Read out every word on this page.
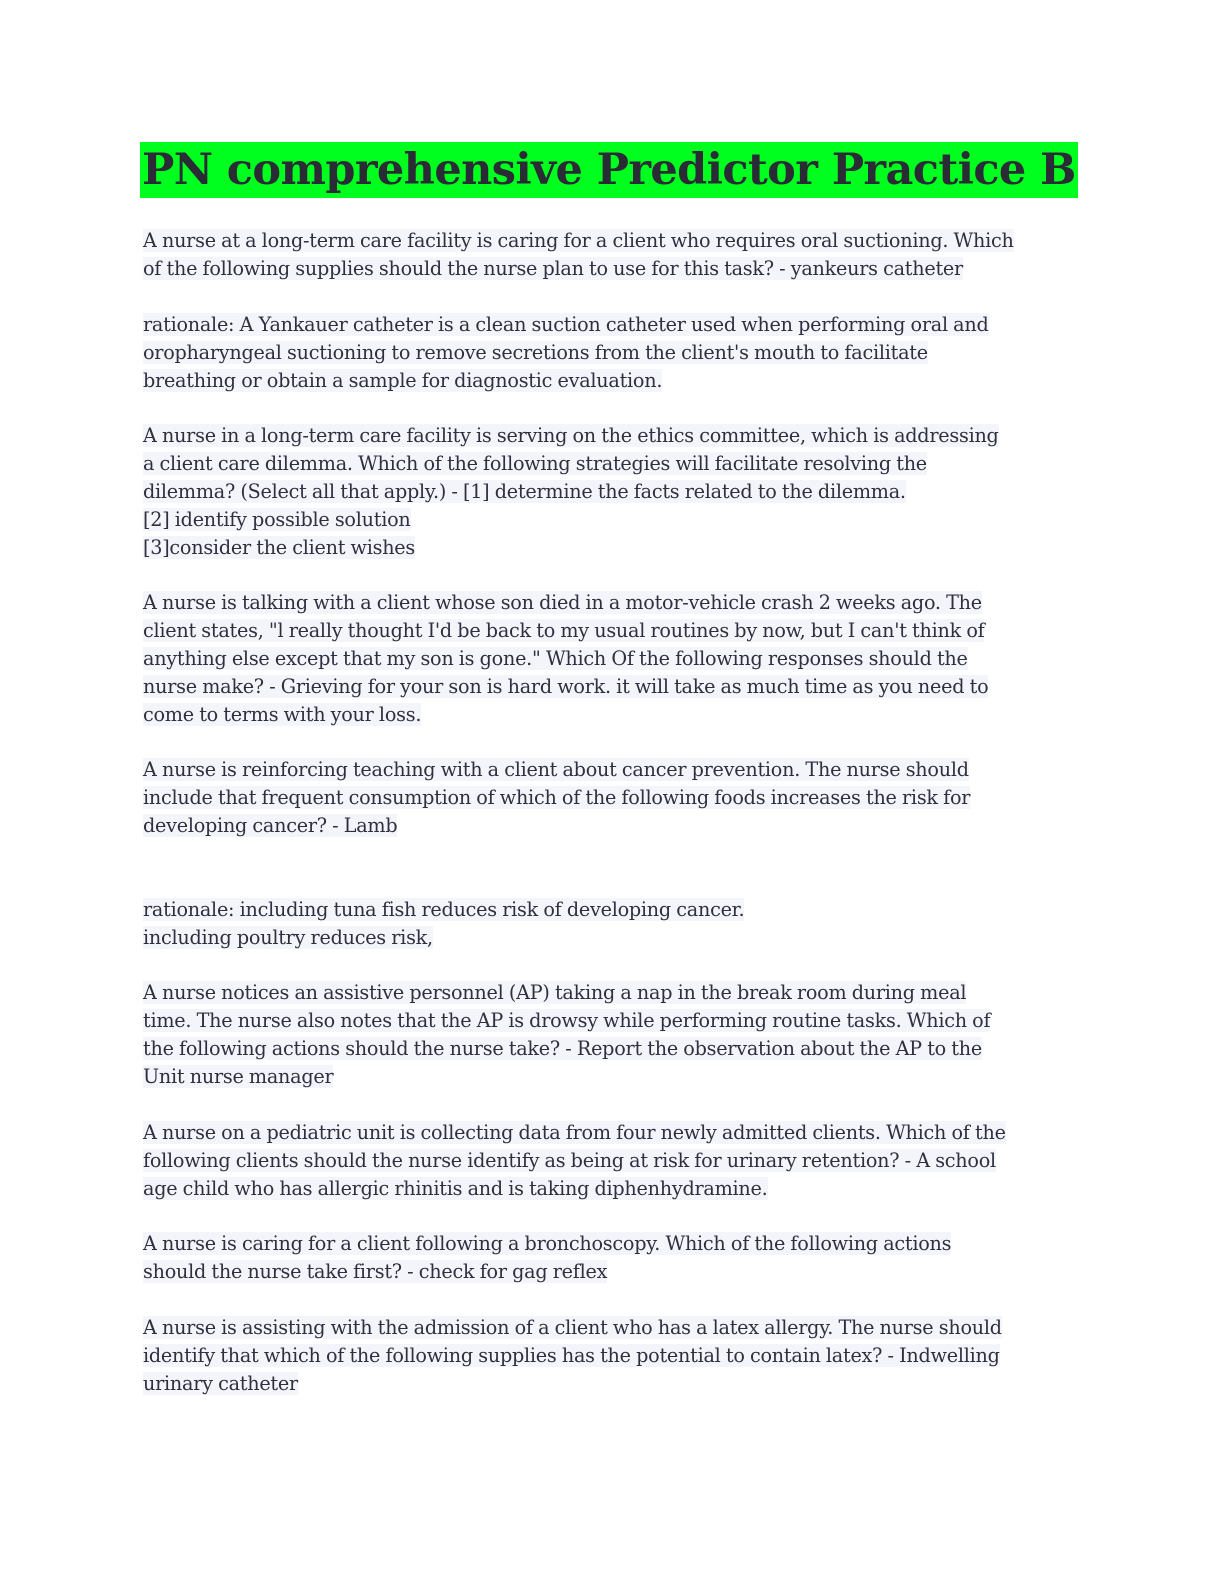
PN comprehensive Predictor Practice B
A nurse at a long-term care facility is caring for a client who requires oral suctioning. Which
of the following supplies should the nurse plan to use for this task? - yankeurs catheter
rationale: A Yankauer catheter is a clean suction catheter used when performing oral and
oropharyngeal suctioning to remove secretions from the client's mouth to facilitate
breathing or obtain a sample for diagnostic evaluation.
A nurse in a long-term care facility is serving on the ethics committee, which is addressing
a client care dilemma. Which of the following strategies will facilitate resolving the
dilemma? (Select all that apply.) - [1] determine the facts related to the dilemma.
[2] identify possible solution
[3]consider the client wishes
A nurse is talking with a client whose son died in a motor-vehicle crash 2 weeks ago. The
client states, "l really thought I'd be back to my usual routines by now, but I can't think of
anything else except that my son is gone." Which Of the following responses should the
nurse make? - Grieving for your son is hard work. it will take as much time as you need to
come to terms with your loss.
A nurse is reinforcing teaching with a client about cancer prevention. The nurse should
include that frequent consumption of which of the following foods increases the risk for
developing cancer? - Lamb
rationale: including tuna fish reduces risk of developing cancer.
including poultry reduces risk,
A nurse notices an assistive personnel (AP) taking a nap in the break room during meal
time. The nurse also notes that the AP is drowsy while performing routine tasks. Which of
the following actions should the nurse take? - Report the observation about the AP to the
Unit nurse manager
A nurse on a pediatric unit is collecting data from four newly admitted clients. Which of the
following clients should the nurse identify as being at risk for urinary retention? - A school
age child who has allergic rhinitis and is taking diphenhydramine.
A nurse is caring for a client following a bronchoscopy. Which of the following actions
should the nurse take first? - check for gag reflex
A nurse is assisting with the admission of a client who has a latex allergy. The nurse should
identify that which of the following supplies has the potential to contain latex? - Indwelling
urinary catheter
